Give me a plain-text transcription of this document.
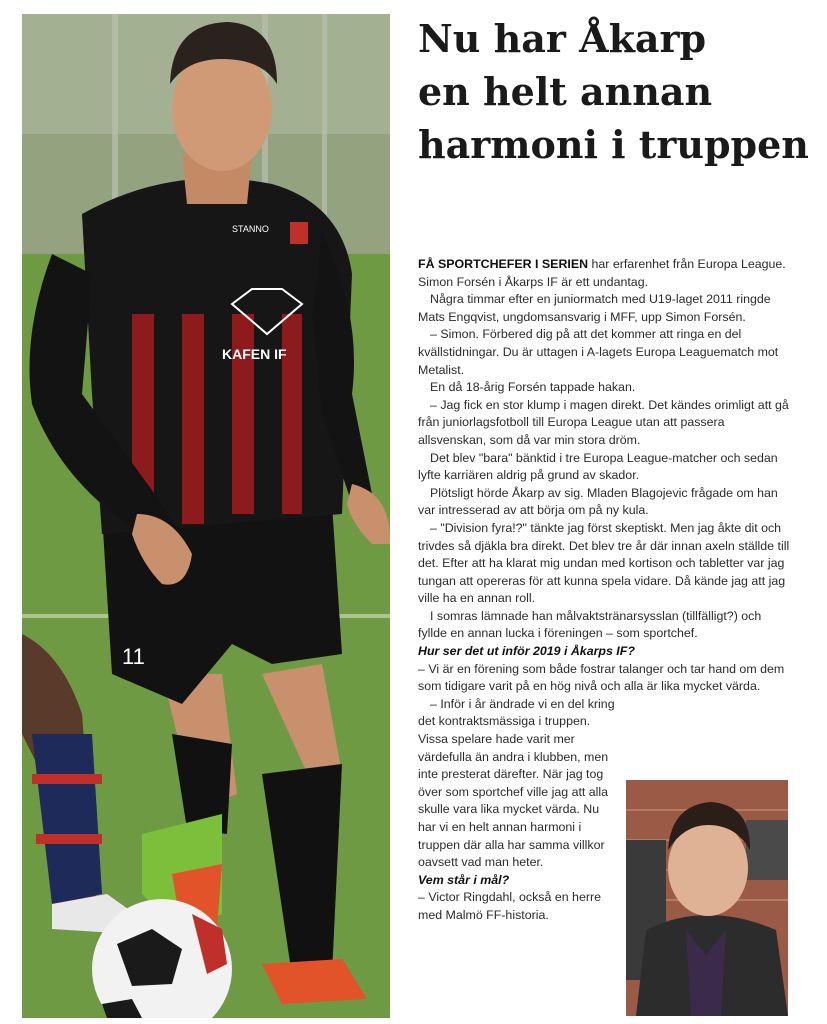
11
STANNO
KAFEN IF
Nu har Åkarp
en helt annan
harmoni i truppen

FÅ SPORTCHEFER I SERIEN har erfarenhet från Europa League. Simon Forsén i Åkarps IF är ett undantag.

Några timmar efter en juniormatch med U19-laget 2011 ringde Mats Engqvist, ungdomsansvarig i MFF, upp Simon Forsén.

– Simon. Förbered dig på att det kommer att ringa en del kvällstidningar. Du är uttagen i A-lagets Europa Leaguematch mot Metalist.

En då 18-årig Forsén tappade hakan.

– Jag fick en stor klump i magen direkt. Det kändes orimligt att gå från juniorlagsfotboll till Europa League utan att passera allsvenskan, som då var min stora dröm.

Det blev "bara" bänktid i tre Europa League-matcher och sedan lyfte karriären aldrig på grund av skador.

Plötsligt hörde Åkarp av sig. Mladen Blagojevic frågade om han var intresserad av att börja om på ny kula.

– "Division fyra!?" tänkte jag först skeptiskt. Men jag åkte dit och trivdes så djäkla bra direkt. Det blev tre år där innan axeln ställde till det. Efter att ha klarat mig undan med kortison och tabletter var jag tungan att opereras för att kunna spela vidare. Då kände jag att jag ville ha en annan roll.

I somras lämnade han målvaktstränarsysslan (tillfälligt?) och fyllde en annan lucka i föreningen – som sportchef.

Hur ser det ut inför 2019 i Åkarps IF?

– Vi är en förening som både fostrar talanger och tar hand om dem som tidigare varit på en hög nivå och alla är lika mycket värda.

– Inför i år ändrade vi en del kring det kontraktsmässiga i truppen. Vissa spelare hade varit mer värdefulla än andra i klubben, men inte presterat därefter. När jag tog över som sportchef ville jag att alla skulle vara lika mycket värda. Nu har vi en helt annan harmoni i truppen där alla har samma villkor oavsett vad man heter.

Vem står i mål?

– Victor Ringdahl, också en herre med Malmö FF-historia.
